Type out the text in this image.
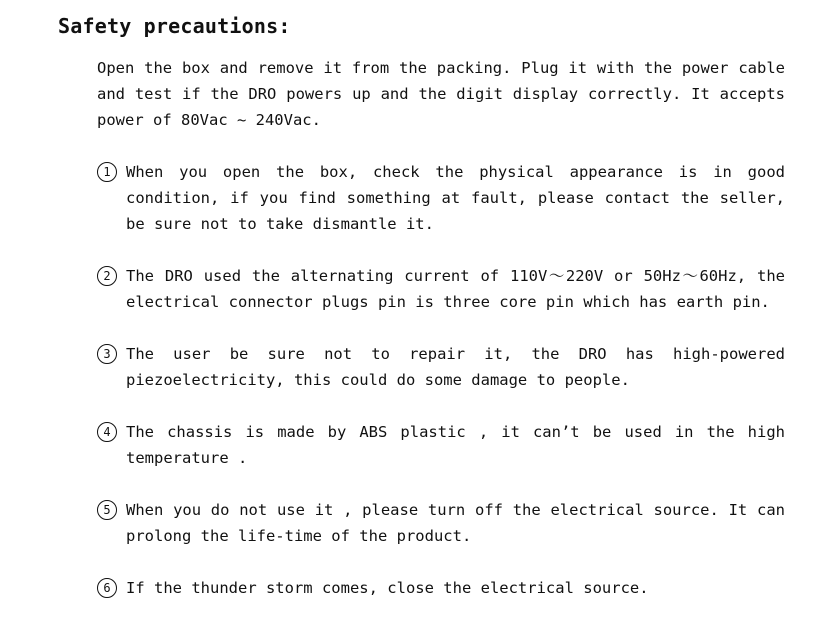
Safety precautions:
Open the box and remove it from the packing. Plug it with the power cable and test if the DRO powers up and the digit display correctly. It accepts power of 80Vac ~ 240Vac.
1 When you open the box, check the physical appearance is in good condition, if you find something at fault, please contact the seller, be sure not to take dismantle it.
2 The DRO used the alternating current of 110V～220V or 50Hz～60Hz, the electrical connector plugs pin is three core pin which has earth pin.
3 The user be sure not to repair it, the DRO has high-powered piezoelectricity, this could do some damage to people.
4 The chassis is made by ABS plastic , it can’t be used in the high temperature .
5 When you do not use it , please turn off the electrical source. It can prolong the life-time of the product.
6 If the thunder storm comes, close the electrical source.
